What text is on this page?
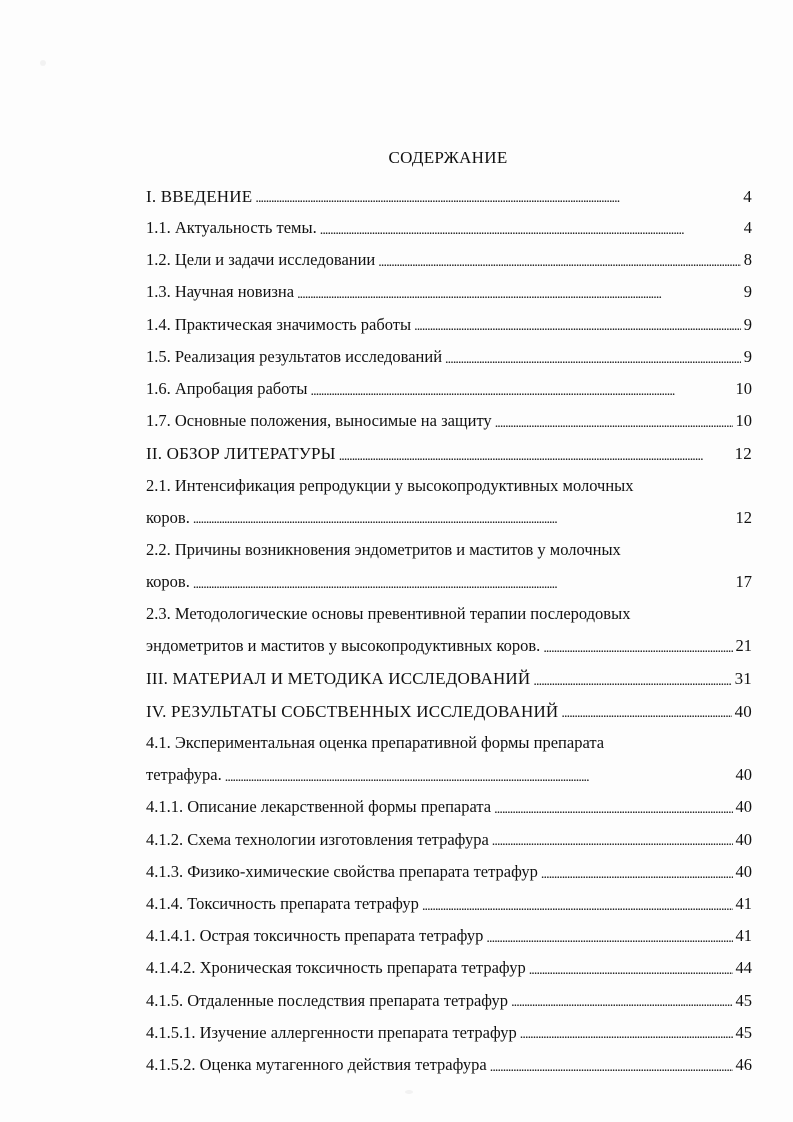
СОДЕРЖАНИЕ
I. ВВЕДЕНИЕ . . .	4
1.1. Актуальность темы. . . .	4
1.2. Цели и задачи исследовании . . .	8
1.3. Научная новизна . . .	9
1.4. Практическая значимость работы . . .	9
1.5. Реализация результатов исследований . . .	9
1.6. Апробация работы . . .	10
1.7. Основные положения, выносимые на защиту . . .	10
II. ОБЗОР ЛИТЕРАТУРЫ . . .	12
2.1. Интенсификация репродукции у высокопродуктивных молочных
коров. . . .	12
2.2. Причины возникновения эндометритов и маститов у молочных
коров. . . .	17
2.3. Методологические основы превентивной терапии послеродовых
эндометритов и маститов у высокопродуктивных коров. . . .	21
III. МАТЕРИАЛ И МЕТОДИКА ИССЛЕДОВАНИЙ . . .	31
IV. РЕЗУЛЬТАТЫ СОБСТВЕННЫХ ИССЛЕДОВАНИЙ . . .	40
4.1. Экспериментальная оценка препаративной формы препарата
тетрафура. . . .	40
4.1.1. Описание лекарственной формы препарата . . .	40
4.1.2. Схема технологии изготовления тетрафура . . .	40
4.1.3. Физико-химические свойства препарата тетрафур . . .	40
4.1.4. Токсичность препарата тетрафур . . .	41
4.1.4.1. Острая токсичность препарата тетрафур . . .	41
4.1.4.2. Хроническая токсичность препарата тетрафур . . .	44
4.1.5. Отдаленные последствия препарата тетрафур . . .	45
4.1.5.1. Изучение аллергенности препарата тетрафур . . .	45
4.1.5.2. Оценка мутагенного действия тетрафура . . .	46
